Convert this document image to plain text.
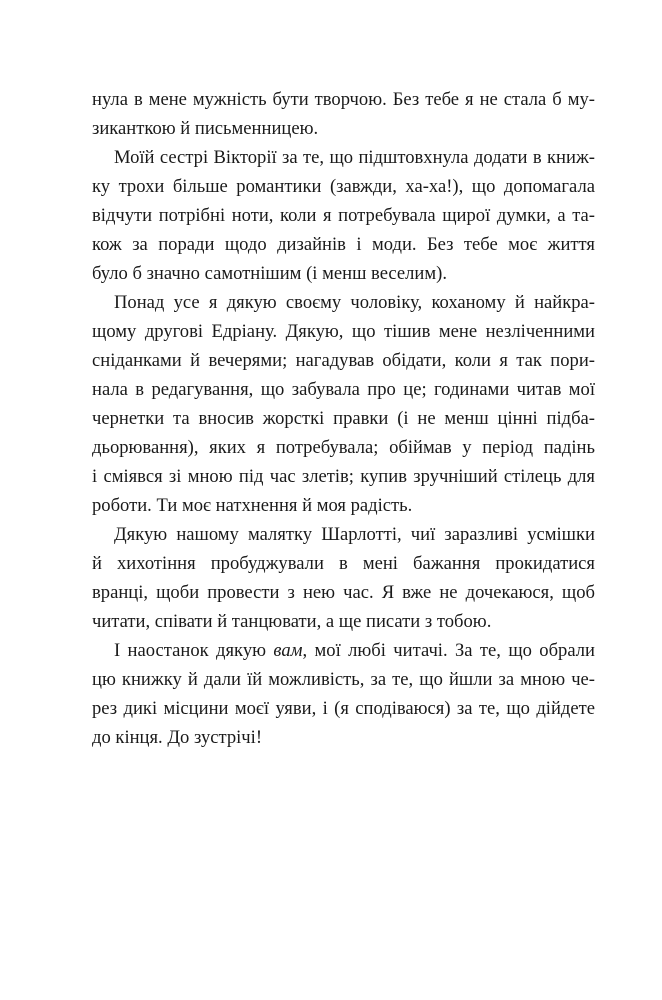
нула в мене мужність бути творчою. Без тебе я не стала б му-
зиканткою й письменницею.
Моїй сестрі Вікторії за те, що підштовхнула додати в книж-
ку трохи більше романтики (завжди, ха-ха!), що допомагала
відчути потрібні ноти, коли я потребувала щирої думки, а та-
кож за поради щодо дизайнів і моди. Без тебе моє життя
було б значно самотнішим (і менш веселим).
Понад усе я дякую своєму чоловіку, коханому й найкра-
щому другові Едріану. Дякую, що тішив мене незліченними
сніданками й вечерями; нагадував обідати, коли я так пори-
нала в редагування, що забувала про це; годинами читав мої
чернетки та вносив жорсткі правки (і не менш цінні підба-
дьорювання), яких я потребувала; обіймав у період падінь
і сміявся зі мною під час злетів; купив зручніший стілець для
роботи. Ти моє натхнення й моя радість.
Дякую нашому малятку Шарлотті, чиї заразливі усмішки
й хихотіння пробуджували в мені бажання прокидатися
вранці, щоби провести з нею час. Я вже не дочекаюся, щоб
читати, співати й танцювати, а ще писати з тобою.
І наостанок дякую вам, мої любі читачі. За те, що обрали
цю книжку й дали їй можливість, за те, що йшли за мною че-
рез дикі місцини моєї уяви, і (я сподіваюся) за те, що дійдете
до кінця. До зустрічі!
